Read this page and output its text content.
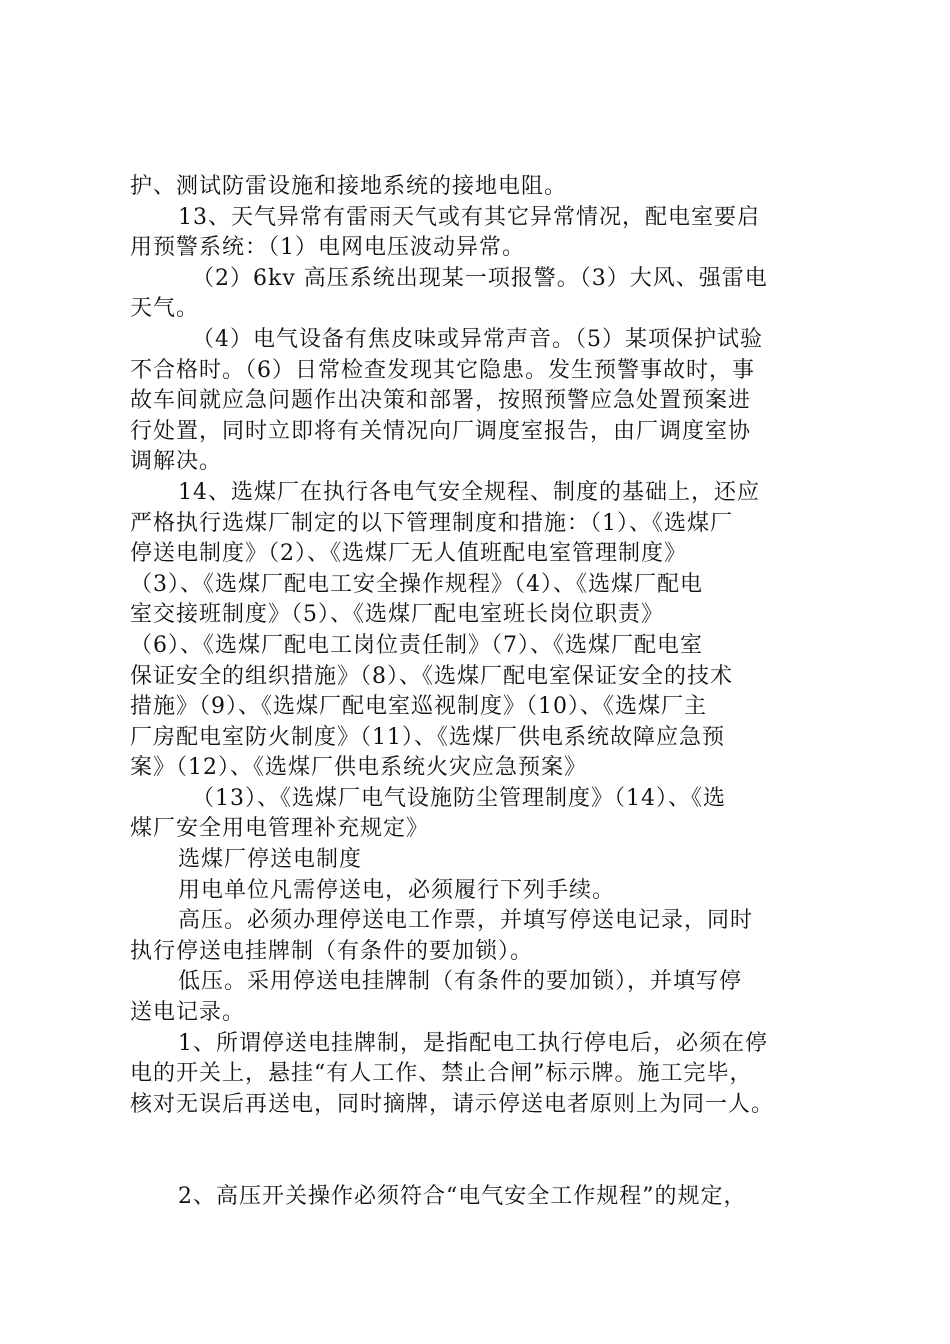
护、测试防雷设施和接地系统的接地电阻。
13、天气异常有雷雨天气或有其它异常情况，配电室要启
用预警系统：（1）电网电压波动异常。
（2）6kv 高压系统出现某一项报警。（3）大风、强雷电
天气。
（4）电气设备有焦皮味或异常声音。（5）某项保护试验
不合格时。（6）日常检查发现其它隐患。发生预警事故时，事
故车间就应急问题作出决策和部署，按照预警应急处置预案进
行处置，同时立即将有关情况向厂调度室报告，由厂调度室协
调解决。
14、选煤厂在执行各电气安全规程、制度的基础上，还应
严格执行选煤厂制定的以下管理制度和措施：（1）、《选煤厂
停送电制度》（2）、《选煤厂无人值班配电室管理制度》
（3）、《选煤厂配电工安全操作规程》（4）、《选煤厂配电
室交接班制度》（5）、《选煤厂配电室班长岗位职责》
（6）、《选煤厂配电工岗位责任制》（7）、《选煤厂配电室
保证安全的组织措施》（8）、《选煤厂配电室保证安全的技术
措施》（9）、《选煤厂配电室巡视制度》（10）、《选煤厂主
厂房配电室防火制度》（11）、《选煤厂供电系统故障应急预
案》（12）、《选煤厂供电系统火灾应急预案》
（13）、《选煤厂电气设施防尘管理制度》（14）、《选
煤厂安全用电管理补充规定》
选煤厂停送电制度
用电单位凡需停送电，必须履行下列手续。
高压。必须办理停送电工作票，并填写停送电记录，同时
执行停送电挂牌制（有条件的要加锁）。
低压。采用停送电挂牌制（有条件的要加锁），并填写停
送电记录。
1、所谓停送电挂牌制，是指配电工执行停电后，必须在停
电的开关上，悬挂“有人工作、禁止合闸”标示牌。施工完毕，
核对无误后再送电，同时摘牌，请示停送电者原则上为同一人。
2、高压开关操作必须符合“电气安全工作规程”的规定，
